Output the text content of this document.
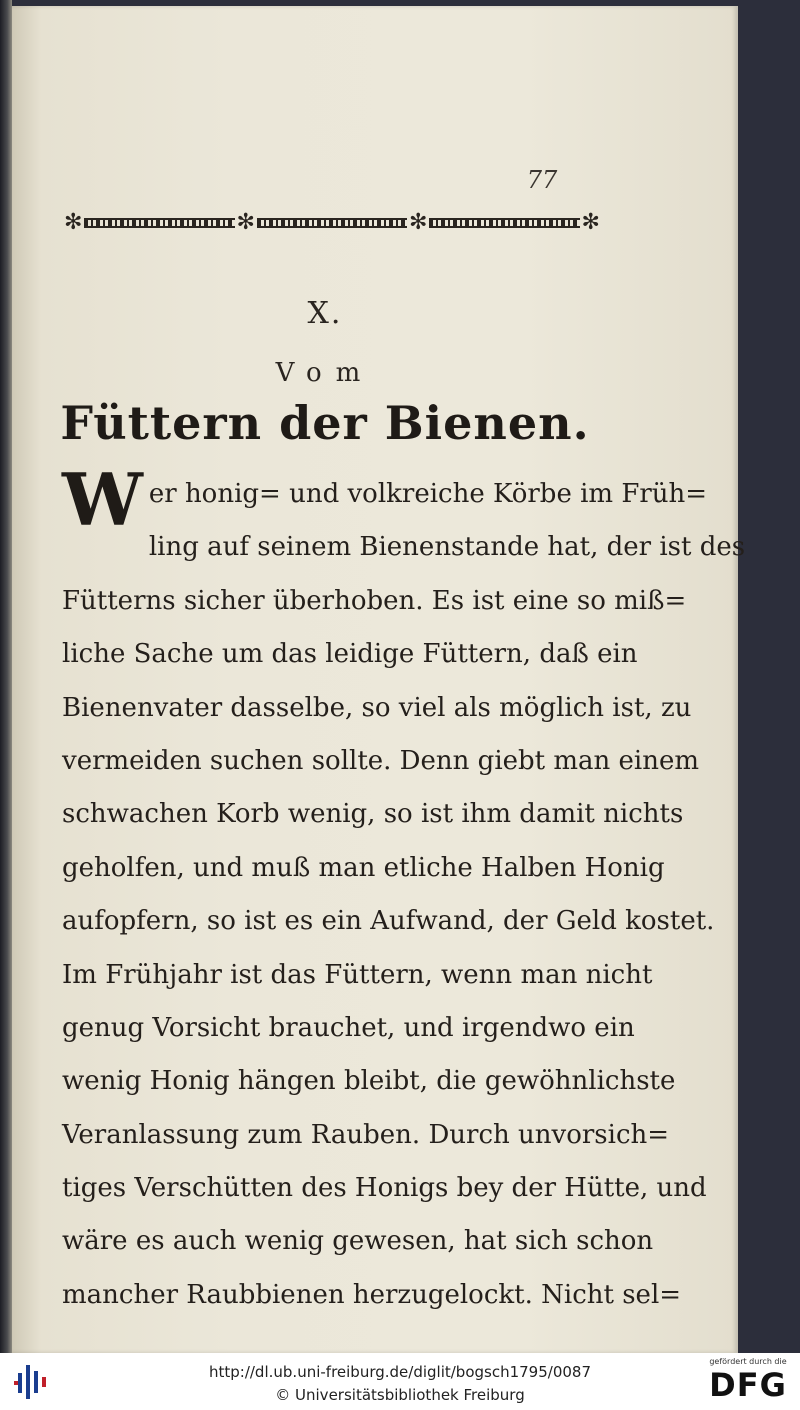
77
✻	✻	✻	✻
X.
Vom
Füttern der Bienen.
W er honig= und volkreiche Körbe im Früh=
ling auf seinem Bienenstande hat, der ist des
Fütterns sicher überhoben. Es ist eine so miß=
liche Sache um das leidige Füttern, daß ein
Bienenvater dasselbe, so viel als möglich ist, zu
vermeiden suchen sollte. Denn giebt man einem
schwachen Korb wenig, so ist ihm damit nichts
geholfen, und muß man etliche Halben Honig
aufopfern, so ist es ein Aufwand, der Geld kostet.
Im Frühjahr ist das Füttern, wenn man nicht
genug Vorsicht brauchet, und irgendwo ein
wenig Honig hängen bleibt, die gewöhnlichste
Veranlassung zum Rauben. Durch unvorsich=
tiges Verschütten des Honigs bey der Hütte, und
wäre es auch wenig gewesen, hat sich schon
mancher Raubbienen herzugelockt. Nicht sel=
http://dl.ub.uni-freiburg.de/diglit/bogsch1795/0087
© Universitätsbibliothek Freiburg
gefördert durch die
DFG
